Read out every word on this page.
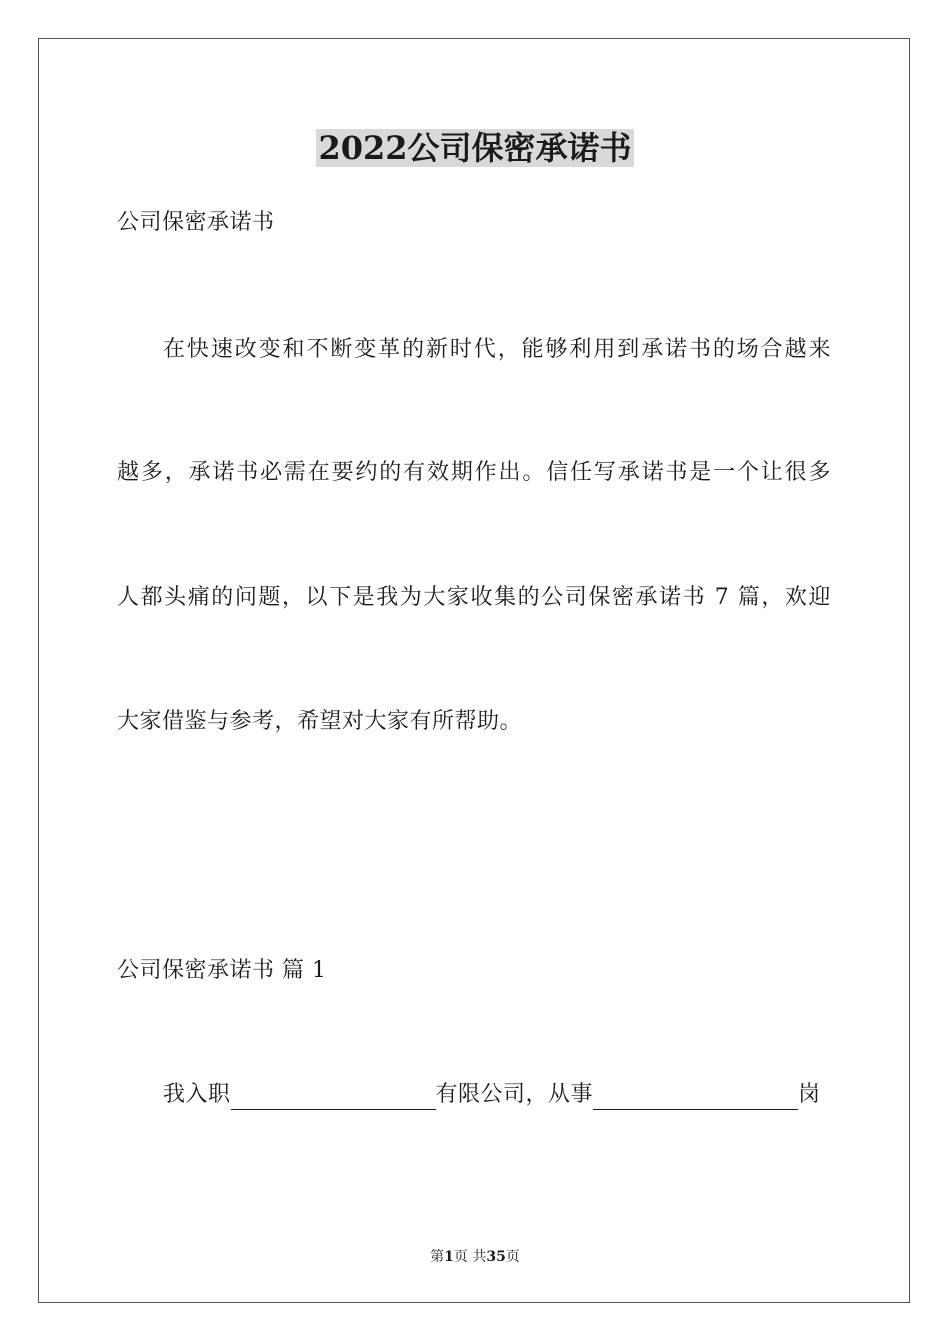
2022公司保密承诺书
公司保密承诺书
在快速改变和不断变革的新时代，能够利用到承诺书的场合越来
越多，承诺书必需在要约的有效期作出。信任写承诺书是一个让很多
人都头痛的问题，以下是我为大家收集的公司保密承诺书 7 篇，欢迎
大家借鉴与参考，希望对大家有所帮助。
公司保密承诺书 篇 1
我入职	有限公司，从事	岗
第1页 共35页
